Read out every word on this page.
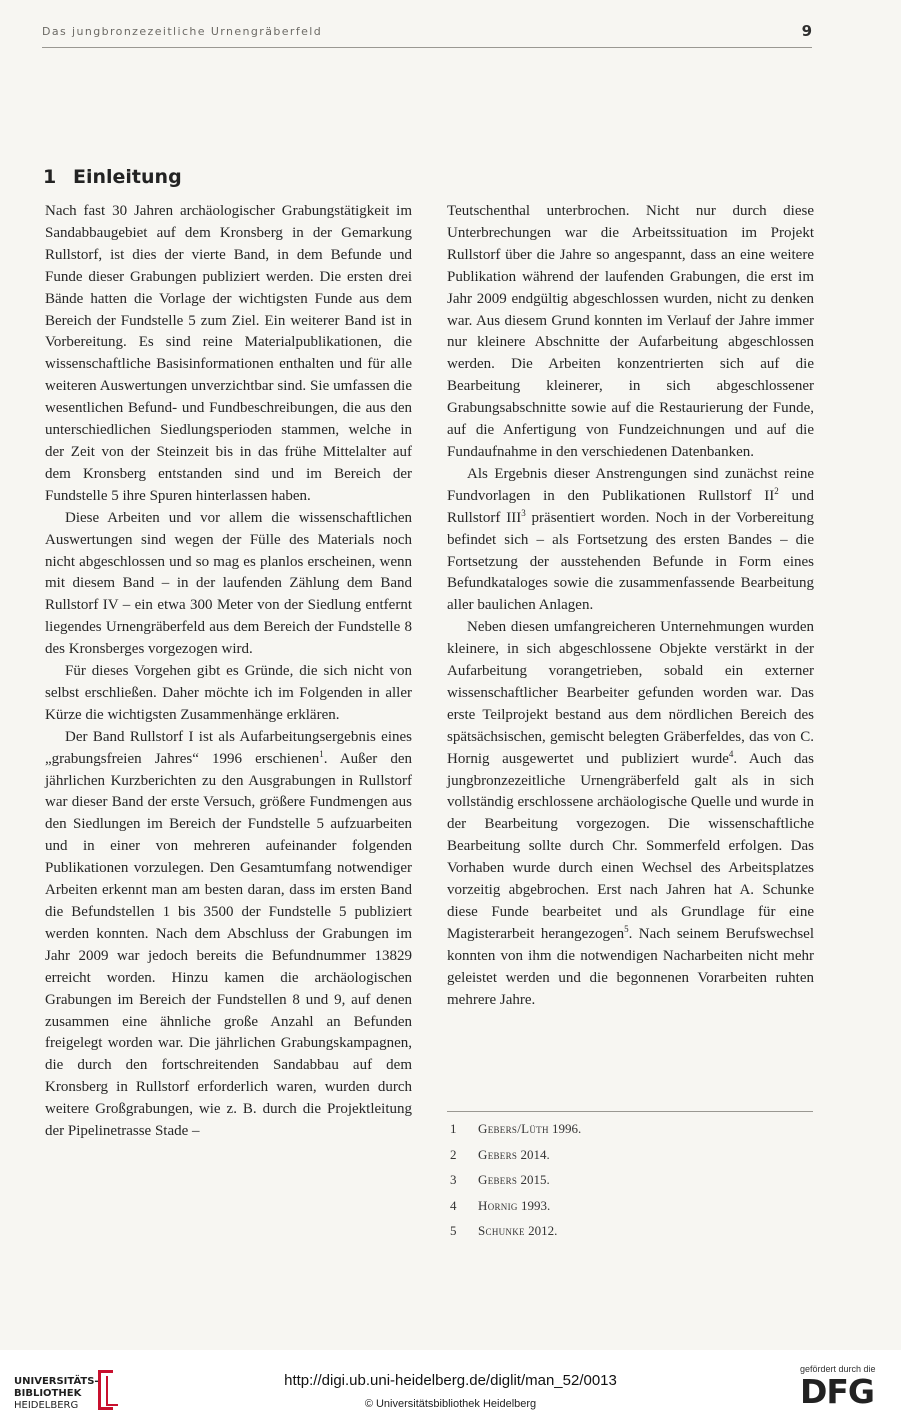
Das jungbronzezeitliche Urnengräberfeld	9
1 Einleitung

Nach fast 30 Jahren archäologischer Grabungstätigkeit im Sandabbaugebiet auf dem Kronsberg in der Gemarkung Rullstorf, ist dies der vierte Band, in dem Befunde und Funde dieser Grabungen publiziert werden. Die ersten drei Bände hatten die Vorlage der wichtigsten Funde aus dem Bereich der Fundstelle 5 zum Ziel. Ein weiterer Band ist in Vorbereitung. Es sind reine Materialpublikationen, die wissenschaftliche Basisinformationen enthalten und für alle weiteren Auswertungen unverzichtbar sind. Sie umfassen die wesentlichen Befund- und Fundbeschreibungen, die aus den unterschiedlichen Siedlungsperioden stammen, welche in der Zeit von der Steinzeit bis in das frühe Mittelalter auf dem Kronsberg entstanden sind und im Bereich der Fundstelle 5 ihre Spuren hinterlassen haben.

Diese Arbeiten und vor allem die wissenschaftlichen Auswertungen sind wegen der Fülle des Materials noch nicht abgeschlossen und so mag es planlos erscheinen, wenn mit diesem Band – in der laufenden Zählung dem Band Rullstorf IV – ein etwa 300 Meter von der Siedlung entfernt liegendes Urnengräberfeld aus dem Bereich der Fundstelle 8 des Kronsberges vorgezogen wird.

Für dieses Vorgehen gibt es Gründe, die sich nicht von selbst erschließen. Daher möchte ich im Folgenden in aller Kürze die wichtigsten Zusammenhänge erklären.

Der Band Rullstorf I ist als Aufarbeitungsergebnis eines „grabungsfreien Jahres“ 1996 erschienen$^1$. Außer den jährlichen Kurzberichten zu den Ausgrabungen in Rullstorf war dieser Band der erste Versuch, größere Fundmengen aus den Siedlungen im Bereich der Fundstelle 5 aufzuarbeiten und in einer von mehreren aufeinander folgenden Publikationen vorzulegen. Den Gesamtumfang notwendiger Arbeiten erkennt man am besten daran, dass im ersten Band die Befundstellen 1 bis 3500 der Fundstelle 5 publiziert werden konnten. Nach dem Abschluss der Grabungen im Jahr 2009 war jedoch bereits die Befundnummer 13829 erreicht worden. Hinzu kamen die archäologischen Grabungen im Bereich der Fundstellen 8 und 9, auf denen zusammen eine ähnliche große Anzahl an Befunden freigelegt worden war. Die jährlichen Grabungskampagnen, die durch den fortschreitenden Sandabbau auf dem Kronsberg in Rullstorf erforderlich waren, wurden durch weitere Großgrabungen, wie z. B. durch die Projektleitung der Pipelinetrasse Stade –

Teutschenthal unterbrochen. Nicht nur durch diese Unterbrechungen war die Arbeitssituation im Projekt Rullstorf über die Jahre so angespannt, dass an eine weitere Publikation während der laufenden Grabungen, die erst im Jahr 2009 endgültig abgeschlossen wurden, nicht zu denken war. Aus diesem Grund konnten im Verlauf der Jahre immer nur kleinere Abschnitte der Aufarbeitung abgeschlossen werden. Die Arbeiten konzentrierten sich auf die Bearbeitung kleinerer, in sich abgeschlossener Grabungsabschnitte sowie auf die Restaurierung der Funde, auf die Anfertigung von Fundzeichnungen und auf die Fundaufnahme in den verschiedenen Datenbanken.

Als Ergebnis dieser Anstrengungen sind zunächst reine Fundvorlagen in den Publikationen Rullstorf $II^2$ und Rullstorf III$^3$ präsentiert worden. Noch in der Vorbereitung befindet sich – als Fortsetzung des ersten Bandes – die Fortsetzung der ausstehenden Befunde in Form eines Befundkataloges sowie die zusammenfassende Bearbeitung aller baulichen Anlagen.

Neben diesen umfangreicheren Unternehmungen wurden kleinere, in sich abgeschlossene Objekte verstärkt in der Aufarbeitung vorangetrieben, sobald ein externer wissenschaftlicher Bearbeiter gefunden worden war. Das erste Teilprojekt bestand aus dem nördlichen Bereich des spätsächsischen, gemischt belegten Gräberfeldes, das von C. Hornig ausgewertet und publiziert wurde$^4$. Auch das jungbronzezeitliche Urnengräberfeld galt als in sich vollständig erschlossene archäologische Quelle und wurde in der Bearbeitung vorgezogen. Die wissenschaftliche Bearbeitung sollte durch Chr. Sommerfeld erfolgen. Das Vorhaben wurde durch einen Wechsel des Arbeitsplatzes vorzeitig abgebrochen. Erst nach Jahren hat A. Schunke diese Funde bearbeitet und als Grundlage für eine Magisterarbeit herangezogen$^5$. Nach seinem Berufswechsel konnten von ihm die notwendigen Nacharbeiten nicht mehr geleistet werden und die begonnenen Vorarbeiten ruhten mehrere Jahre.

1 Gebers/Lüth 1996.
2 Gebers 2014.
3 Gebers 2015.
4 Hornig 1993.
5 Schunke 2012.
UNIVERSITÄTS-
BIBLIOTHEK
HEIDELBERG
http://digi.ub.uni-heidelberg.de/diglit/man_52/0013
© Universitätsbibliothek Heidelberg
gefördert durch die
DFG
